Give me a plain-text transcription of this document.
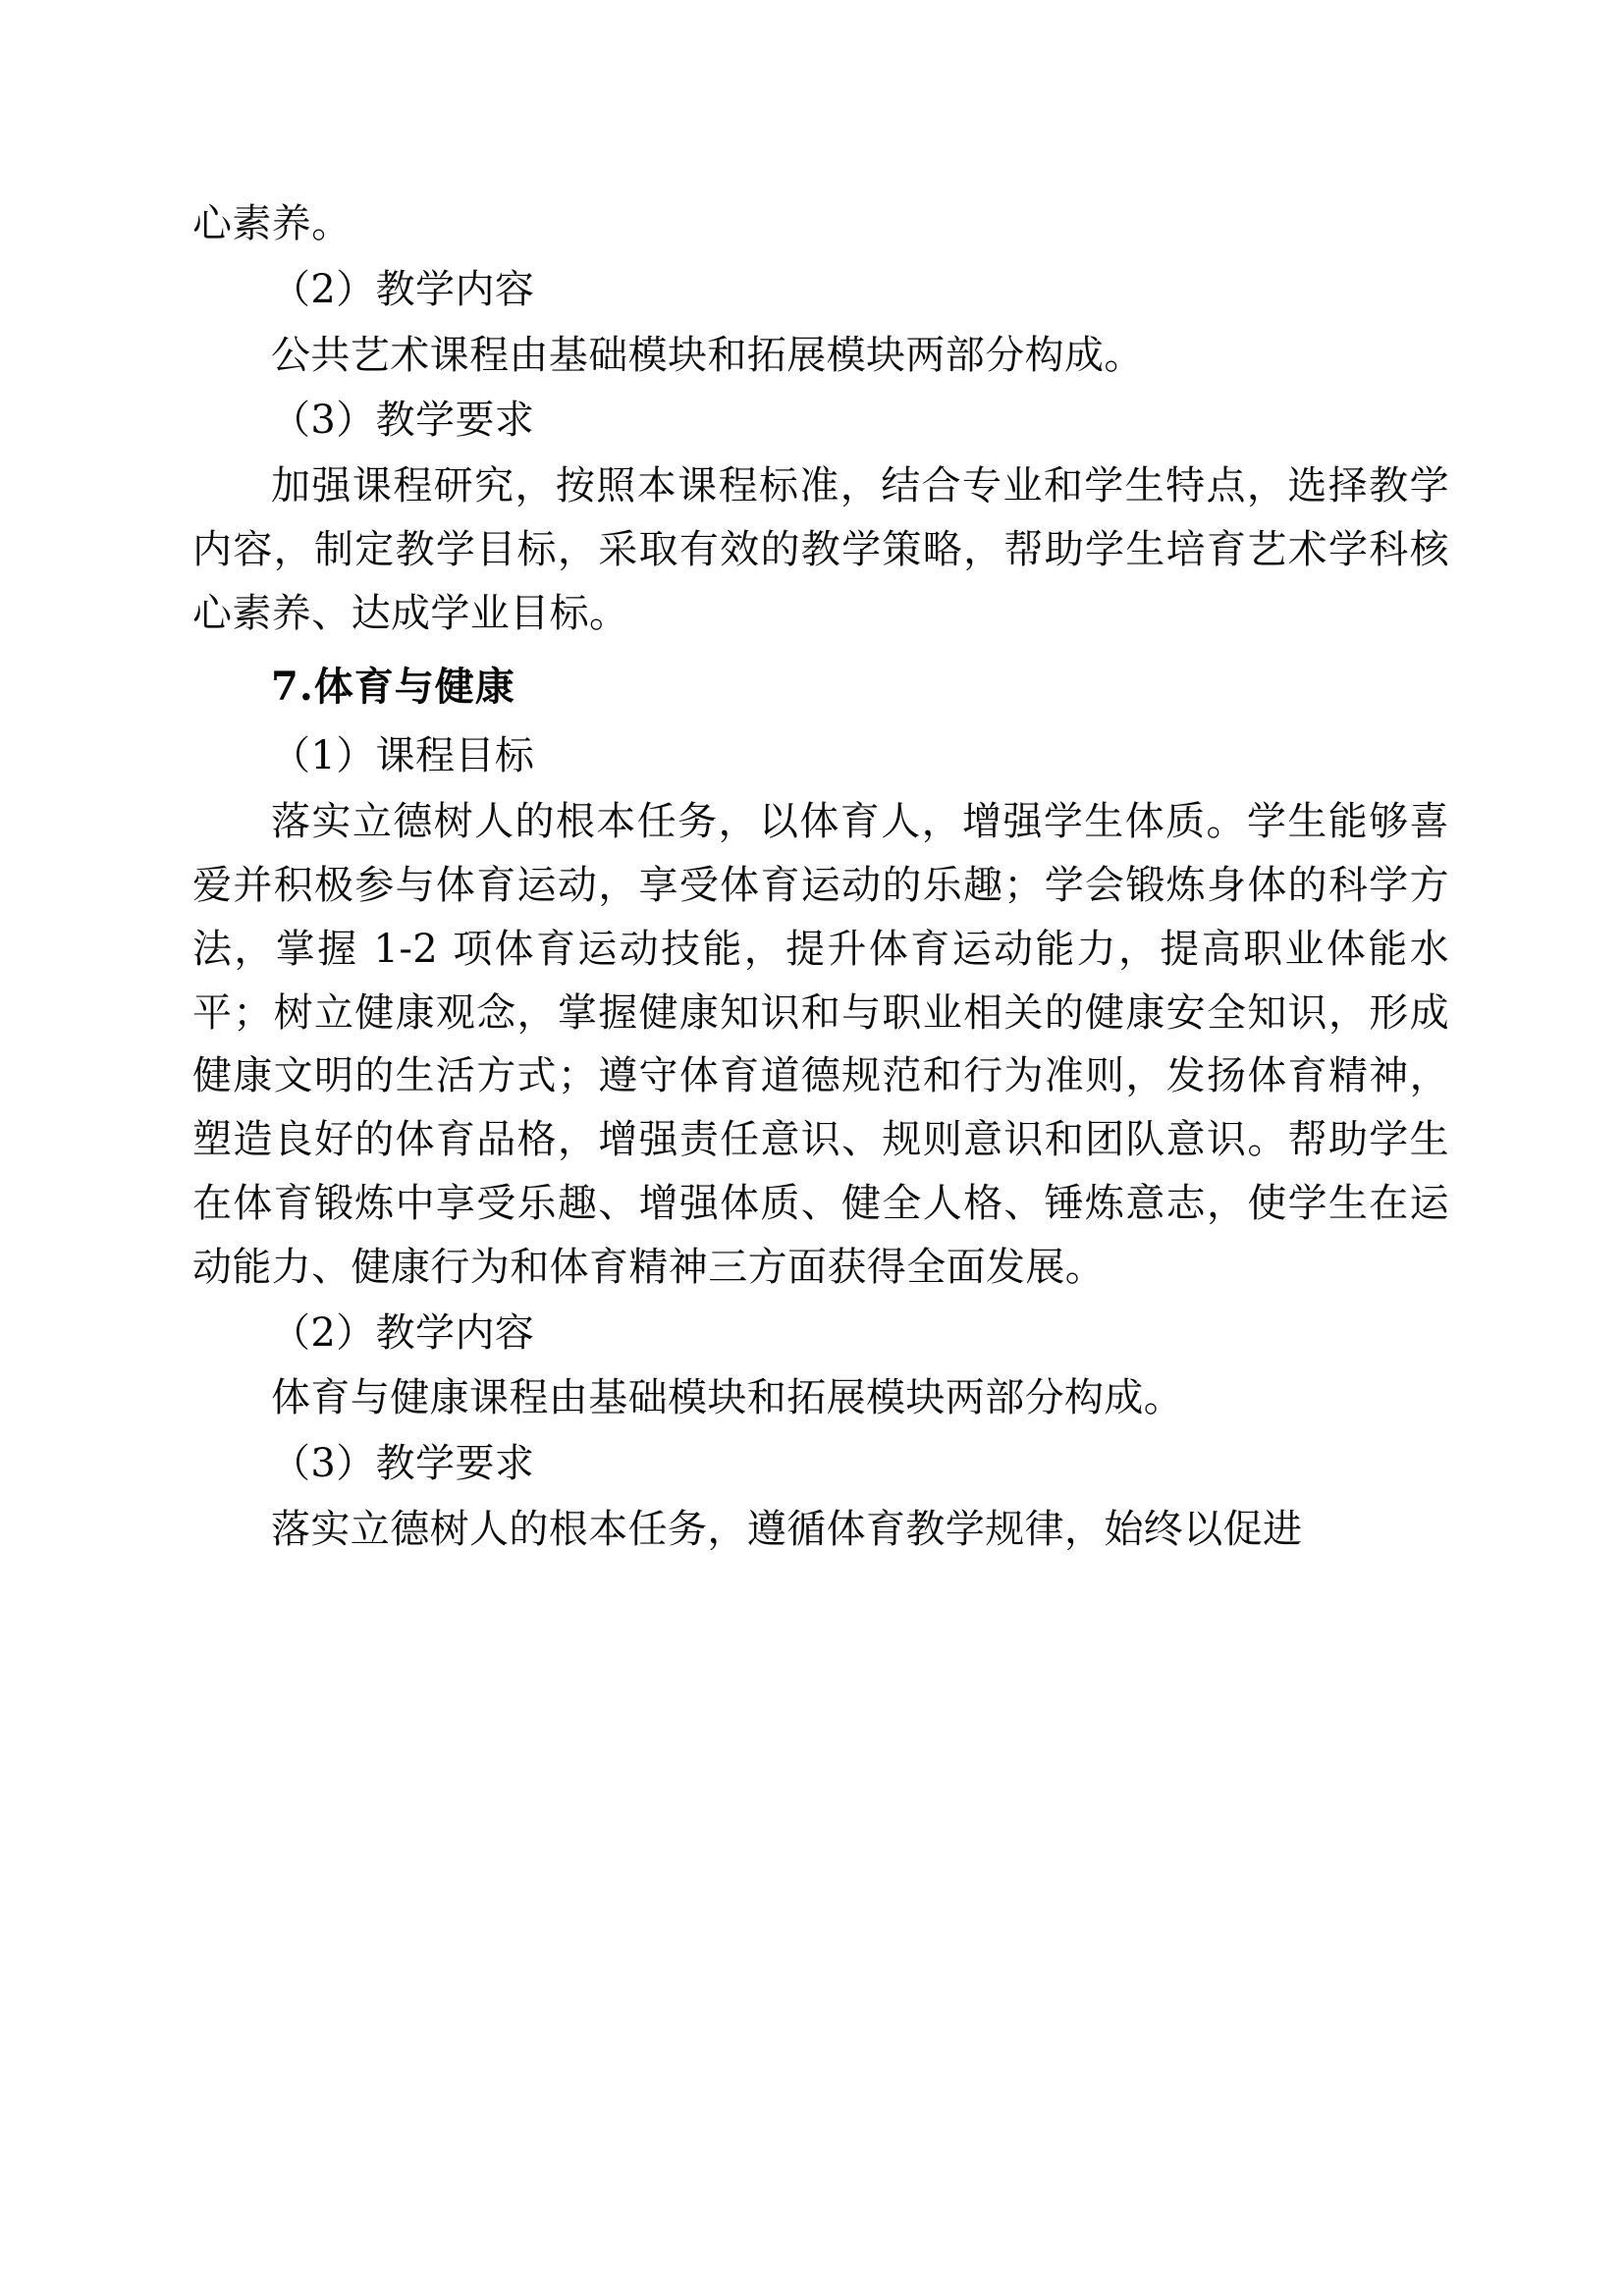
心素养。

（2）教学内容

公共艺术课程由基础模块和拓展模块两部分构成。

（3）教学要求

加强课程研究，按照本课程标准，结合专业和学生特点，选择教学内容，制定教学目标，采取有效的教学策略，帮助学生培育艺术学科核心素养、达成学业目标。

7.体育与健康

（1）课程目标

落实立德树人的根本任务，以体育人，增强学生体质。学生能够喜爱并积极参与体育运动，享受体育运动的乐趣；学会锻炼身体的科学方法，掌握 1-2 项体育运动技能，提升体育运动能力，提高职业体能水平；树立健康观念，掌握健康知识和与职业相关的健康安全知识，形成健康文明的生活方式；遵守体育道德规范和行为准则，发扬体育精神，塑造良好的体育品格，增强责任意识、规则意识和团队意识。帮助学生在体育锻炼中享受乐趣、增强体质、健全人格、锤炼意志，使学生在运动能力、健康行为和体育精神三方面获得全面发展。

（2）教学内容

体育与健康课程由基础模块和拓展模块两部分构成。

（3）教学要求

落实立德树人的根本任务，遵循体育教学规律，始终以促进
